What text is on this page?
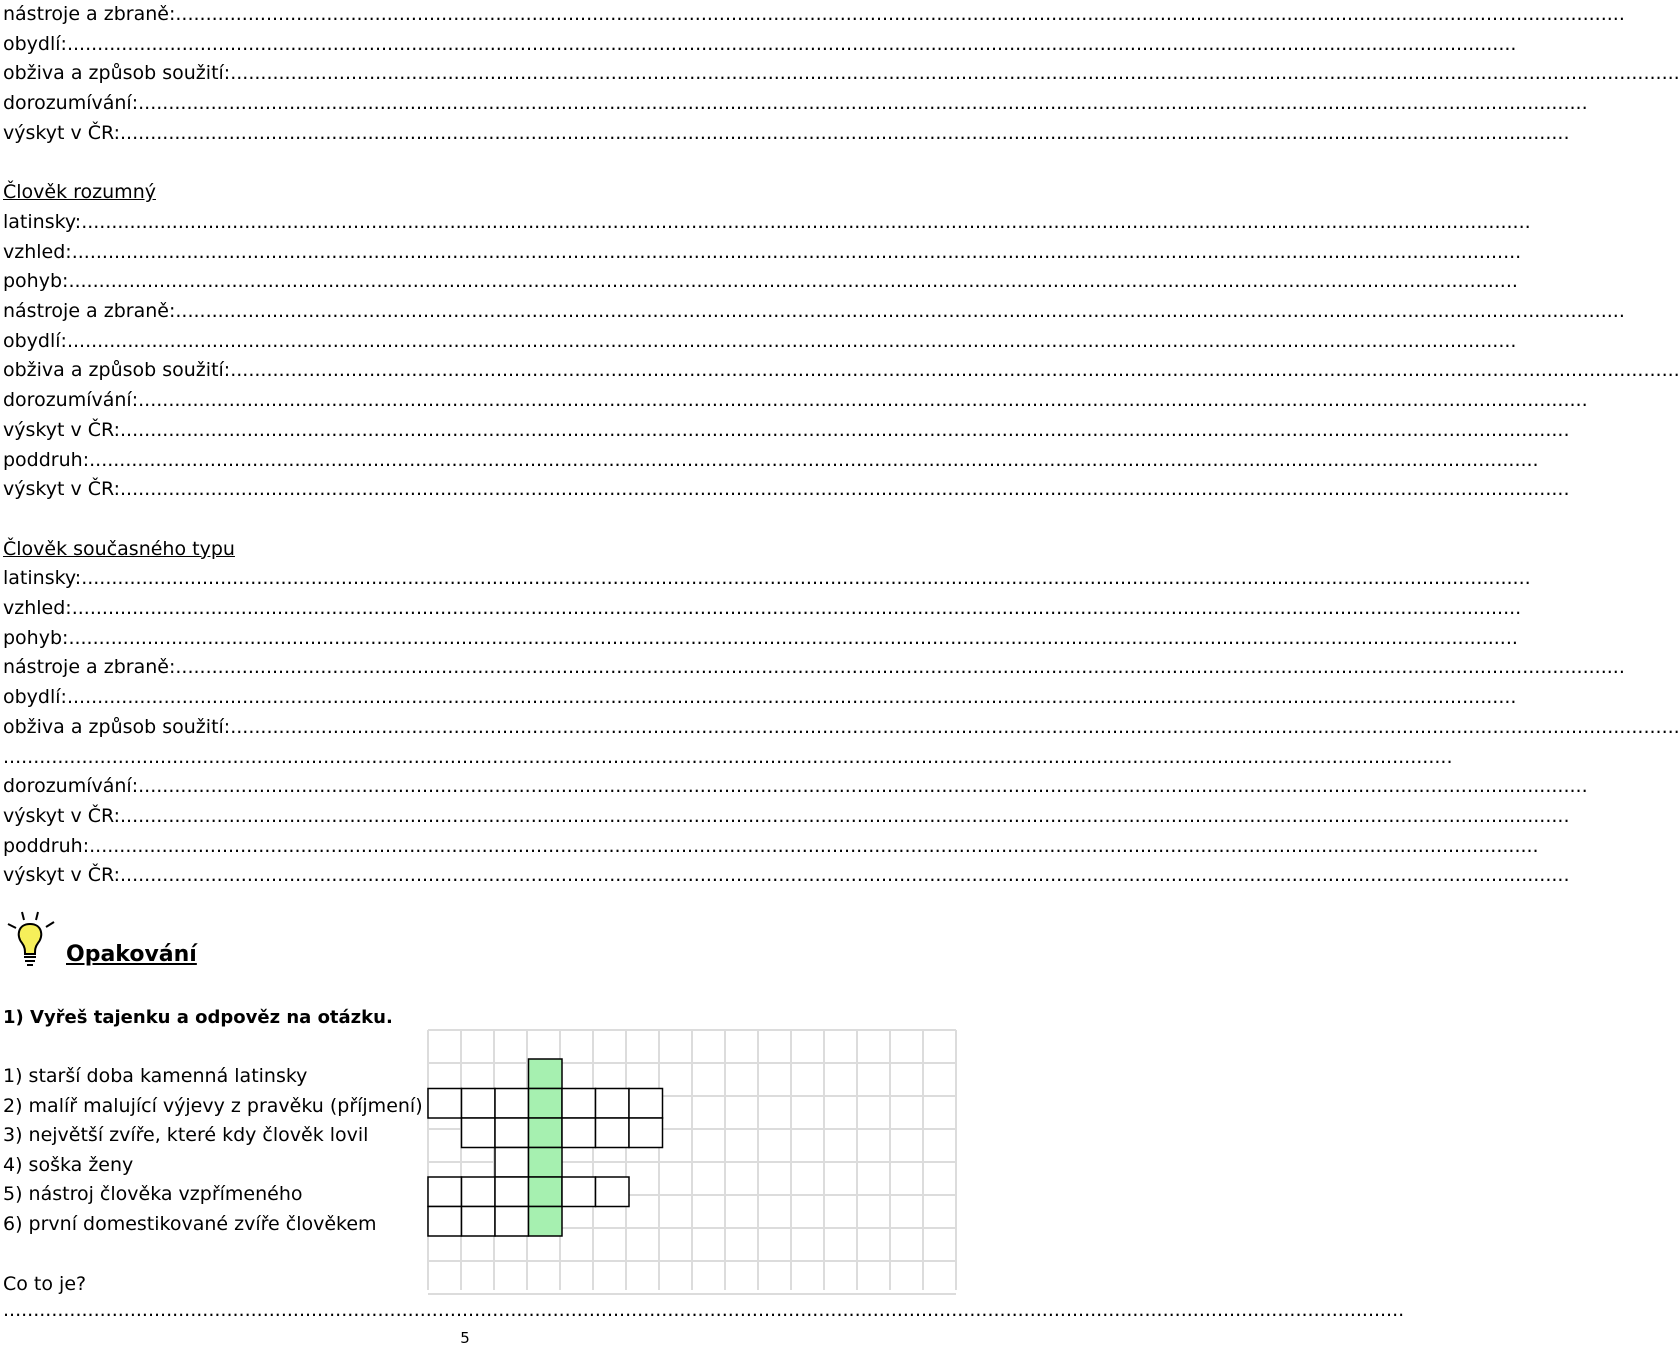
nástroje a zbraně:................................................................................................................................................................................................................................................
obydlí:................................................................................................................................................................................................................................................
obživa a způsob soužití:................................................................................................................................................................................................................................................
dorozumívání:................................................................................................................................................................................................................................................
výskyt v ČR:................................................................................................................................................................................................................................................
Člověk rozumný
latinsky:................................................................................................................................................................................................................................................
vzhled:................................................................................................................................................................................................................................................
pohyb:................................................................................................................................................................................................................................................
nástroje a zbraně:................................................................................................................................................................................................................................................
obydlí:................................................................................................................................................................................................................................................
obživa a způsob soužití:................................................................................................................................................................................................................................................
dorozumívání:................................................................................................................................................................................................................................................
výskyt v ČR:................................................................................................................................................................................................................................................
poddruh:................................................................................................................................................................................................................................................
výskyt v ČR:................................................................................................................................................................................................................................................
Člověk současného typu
latinsky:................................................................................................................................................................................................................................................
vzhled:................................................................................................................................................................................................................................................
pohyb:................................................................................................................................................................................................................................................
nástroje a zbraně:................................................................................................................................................................................................................................................
obydlí:................................................................................................................................................................................................................................................
obživa a způsob soužití:................................................................................................................................................................................................................................................
................................................................................................................................................................................................................................................
dorozumívání:................................................................................................................................................................................................................................................
výskyt v ČR:................................................................................................................................................................................................................................................
poddruh:................................................................................................................................................................................................................................................
výskyt v ČR:................................................................................................................................................................................................................................................
Opakování
1) Vyřeš tajenku a odpověz na otázku.
1) starší doba kamenná latinsky
2) malíř malující výjevy z pravěku (příjmení)
3) největší zvíře, které kdy člověk lovil
4) soška ženy
5) nástroj člověka vzpřímeného
6) první domestikované zvíře člověkem
Co to je?
........................................................................................................................................................................................................................................
5
